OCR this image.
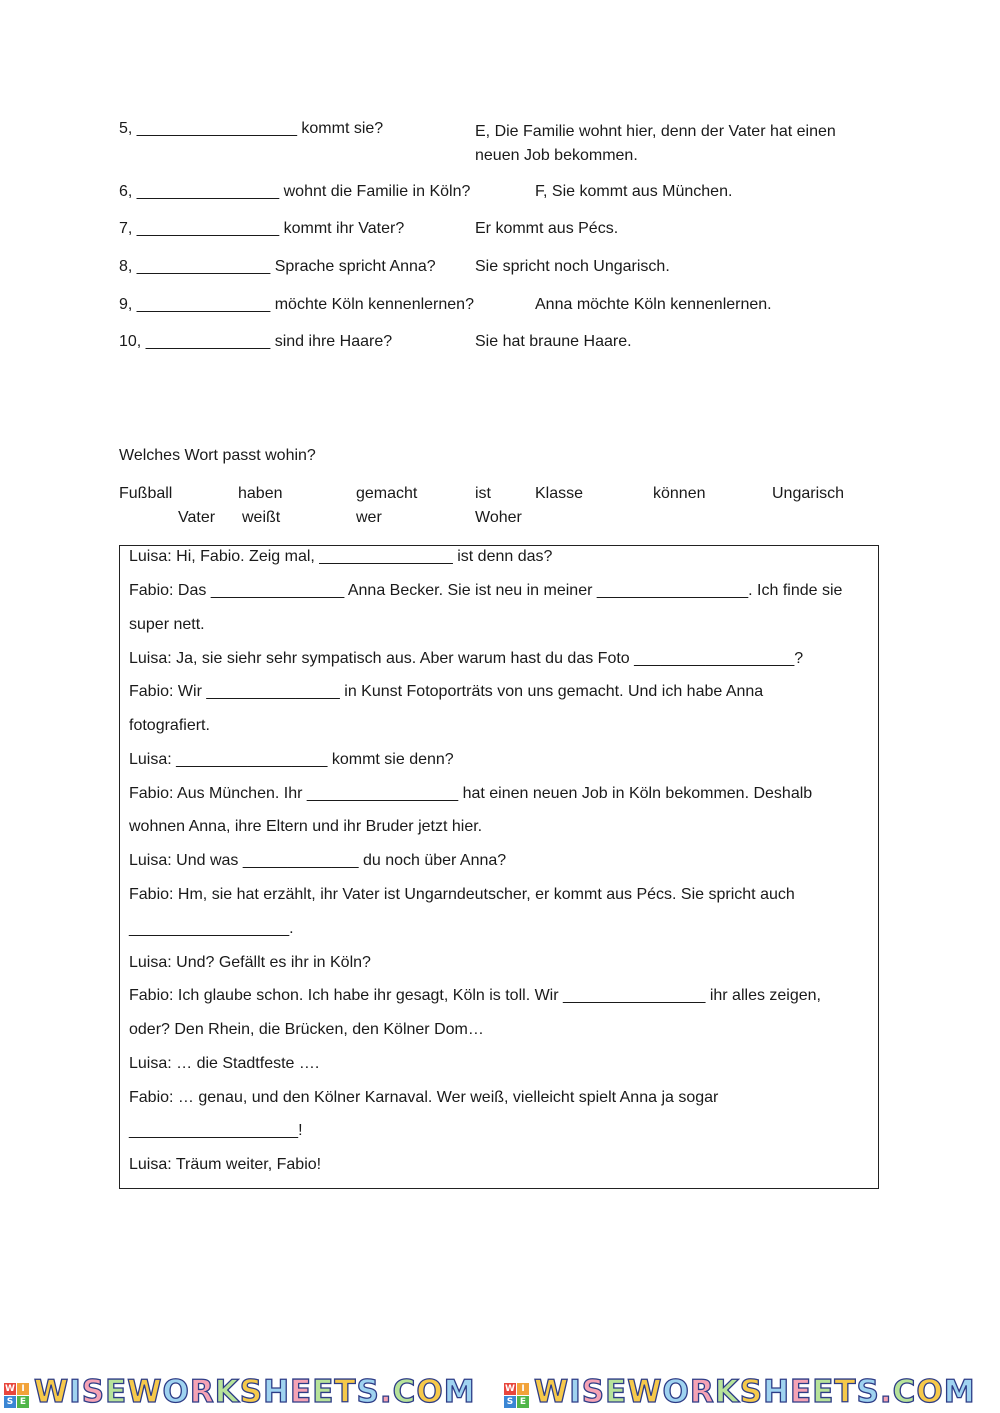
5, __________________ kommt sie?	E, Die Familie wohnt hier, denn der Vater hat einen neuen Job bekommen.
6, ________________ wohnt die Familie in Köln?	F, Sie kommt aus München.
7, ________________ kommt ihr Vater?	Er kommt aus Pécs.
8, _______________ Sprache spricht Anna? Sie spricht noch Ungarisch.
9, _______________ möchte Köln kennenlernen?	Anna möchte Köln kennenlernen.
10, ______________ sind ihre Haare?	Sie hat braune Haare.
Welches Wort passt wohin?
Fußball	haben	gemacht	ist	Klasse	können	Ungarisch
Vater weißt	wer	Woher
Luisa: Hi, Fabio. Zeig mal, _______________ ist denn das?
Fabio: Das _______________ Anna Becker. Sie ist neu in meiner _________________. Ich finde sie
super nett.
Luisa: Ja, sie siehr sehr sympatisch aus. Aber warum hast du das Foto __________________?
Fabio: Wir _______________ in Kunst Fotoporträts von uns gemacht. Und ich habe Anna
fotografiert.
Luisa: _________________ kommt sie denn?
Fabio: Aus München. Ihr _________________ hat einen neuen Job in Köln bekommen. Deshalb
wohnen Anna, ihre Eltern und ihr Bruder jetzt hier.
Luisa: Und was _____________ du noch über Anna?
Fabio: Hm, sie hat erzählt, ihr Vater ist Ungarndeutscher, er kommt aus Pécs. Sie spricht auch
__________________.
Luisa: Und? Gefällt es ihr in Köln?
Fabio: Ich glaube schon. Ich habe ihr gesagt, Köln is toll. Wir ________________ ihr alles zeigen,
oder? Den Rhein, die Brücken, den Kölner Dom…
Luisa: … die Stadtfeste ….
Fabio: … genau, und den Kölner Karnaval. Wer weiß, vielleicht spielt Anna ja sogar
___________________!
Luisa: Träum weiter, Fabio!
W I
S E WISEWORKSHEETS.COM	W I
S E WISEWORKSHEETS.COM
